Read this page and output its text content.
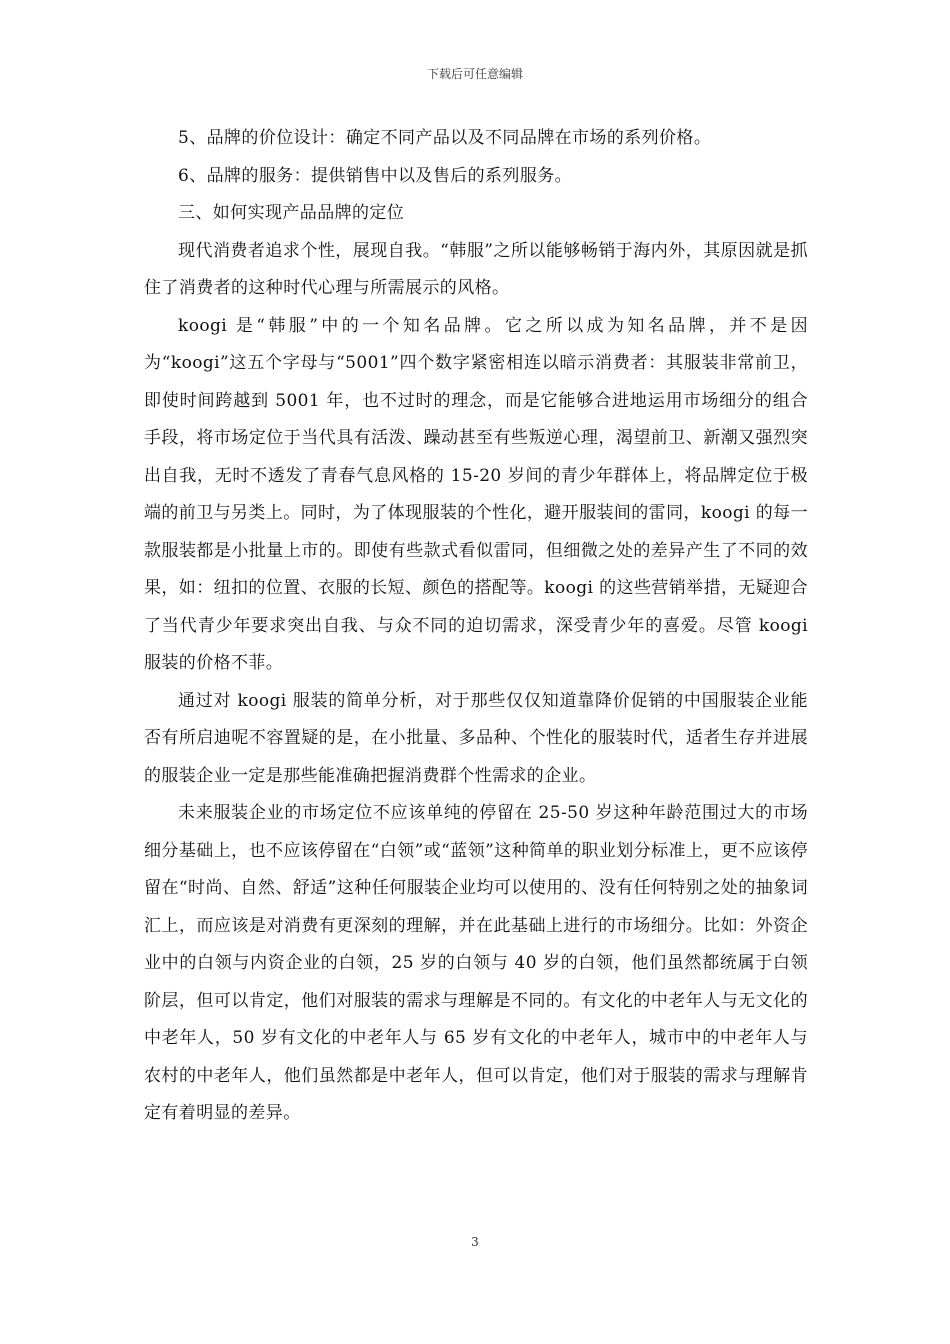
下载后可任意编辑

5、品牌的价位设计：确定不同产品以及不同品牌在市场的系列价格。

6、品牌的服务：提供销售中以及售后的系列服务。

三、如何实现产品品牌的定位

现代消费者追求个性，展现自我。“韩服”之所以能够畅销于海内外，其原因就是抓住了消费者的这种时代心理与所需展示的风格。

koogi 是“韩服”中的一个知名品牌。它之所以成为知名品牌，并不是因为“koogi”这五个字母与“5001”四个数字紧密相连以暗示消费者：其服装非常前卫，即使时间跨越到 5001 年，也不过时的理念，而是它能够合进地运用市场细分的组合手段，将市场定位于当代具有活泼、躁动甚至有些叛逆心理，渴望前卫、新潮又强烈突出自我，无时不透发了青春气息风格的 15-20 岁间的青少年群体上，将品牌定位于极端的前卫与另类上。同时，为了体现服装的个性化，避开服装间的雷同，koogi 的每一款服装都是小批量上市的。即使有些款式看似雷同，但细微之处的差异产生了不同的效果，如：纽扣的位置、衣服的长短、颜色的搭配等。koogi 的这些营销举措，无疑迎合了当代青少年要求突出自我、与众不同的迫切需求，深受青少年的喜爱。尽管 koogi 服装的价格不菲。

通过对 koogi 服装的简单分析，对于那些仅仅知道靠降价促销的中国服装企业能否有所启迪呢不容置疑的是，在小批量、多品种、个性化的服装时代，适者生存并进展的服装企业一定是那些能准确把握消费群个性需求的企业。

未来服装企业的市场定位不应该单纯的停留在 25-50 岁这种年龄范围过大的市场细分基础上，也不应该停留在“白领”或“蓝领”这种简单的职业划分标准上，更不应该停留在“时尚、自然、舒适”这种任何服装企业均可以使用的、没有任何特别之处的抽象词汇上，而应该是对消费有更深刻的理解，并在此基础上进行的市场细分。比如：外资企业中的白领与内资企业的白领，25 岁的白领与 40 岁的白领，他们虽然都统属于白领阶层，但可以肯定，他们对服装的需求与理解是不同的。有文化的中老年人与无文化的中老年人，50 岁有文化的中老年人与 65 岁有文化的中老年人，城市中的中老年人与农村的中老年人，他们虽然都是中老年人，但可以肯定，他们对于服装的需求与理解肯定有着明显的差异。

3
